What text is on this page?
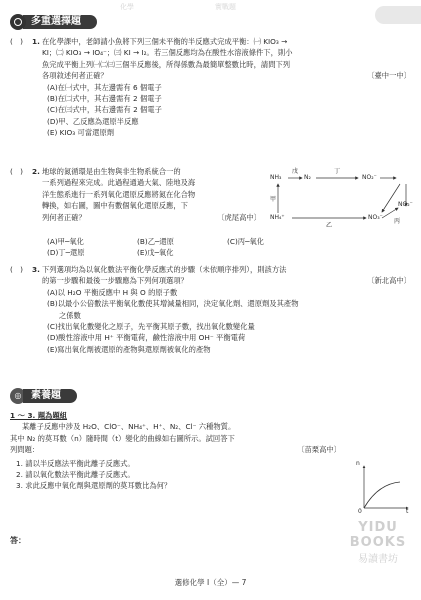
化學	實戰題
多重選擇題
(　) 1. 在化學課中，老師請小魚將下列三個未平衡的半反應式完成平衡：㈠ KIO₃ →
KI；㈡ KIO₃ → IO₄⁻；㈢ KI → I₂。若三個反應均為在酸性水溶液條件下，則小
魚完成平衡上列㈠㈡㈢三個半反應後，所得係數為最簡單整數比時，請問下列
各項敘述何者正確？	〔臺中一中〕
(A)在㈠式中，其左邊需有 6 個電子
(B)在㈡式中，其右邊需有 2 個電子
(C)在㈢式中，其右邊需有 2 個電子
(D)甲、乙反應為還原半反應
(E) KIO₃ 可當還原劑
(　) 2. 地球的氮循環是由生物與非生物系統合一的
一系列過程來完成。此過程通過大氣、陸地及海
洋生態系進行一系列氧化還原反應將氮在化合物
轉換，如右圖，圖中有數個氧化還原反應，下
列何者正確？	〔虎尾高中〕
(A)甲─氧化	(B)乙─還原	(C)丙─氧化
(D)丁─還原	(E)戊─氧化
NH₃	N₂	NO₂⁻
NH₄⁺	NO₃⁻
NO₂⁻
戊	丁
甲
乙
丙
(　) 3. 下列選項均為以氧化數法平衡化學反應式的步驟（未依順序排列），則該方法
的第一步驟和最後一步驟應為下列何項選項？	〔新北高中〕
(A)以 H₂O 平衡反應中 H 與 O 的原子數
(B)以最小公倍數法平衡氧化數使其增減量相同，決定氧化劑、還原劑及其產物
之係數
(C)找出氧化數變化之原子，先平衡其原子數，找出氧化數變化量
(D)酸性溶液中用 H⁺ 平衡電荷，鹼性溶液中用 OH⁻ 平衡電荷
(E)寫出氧化劑被還原的產物與還原劑被氧化的產物
◎ 素養題
1 ～ 3. 題為題組
某離子反應中涉及 H₂O、ClO⁻、NH₄⁺、H⁺、N₂、Cl⁻ 六種物質。
其中 N₂ 的莫耳數（n）隨時間（t）變化的曲線如右圖所示。試回答下
列問題：	〔苗栗高中〕
1. 請以半反應法平衡此離子反應式。
2. 請以氧化數法平衡此離子反應式。
3. 求此反應中氧化劑與還原劑的莫耳數比為何？
n
t
0
答：
YIDU
BOOKS
易讀書坊
選修化學 I（全）— 7
